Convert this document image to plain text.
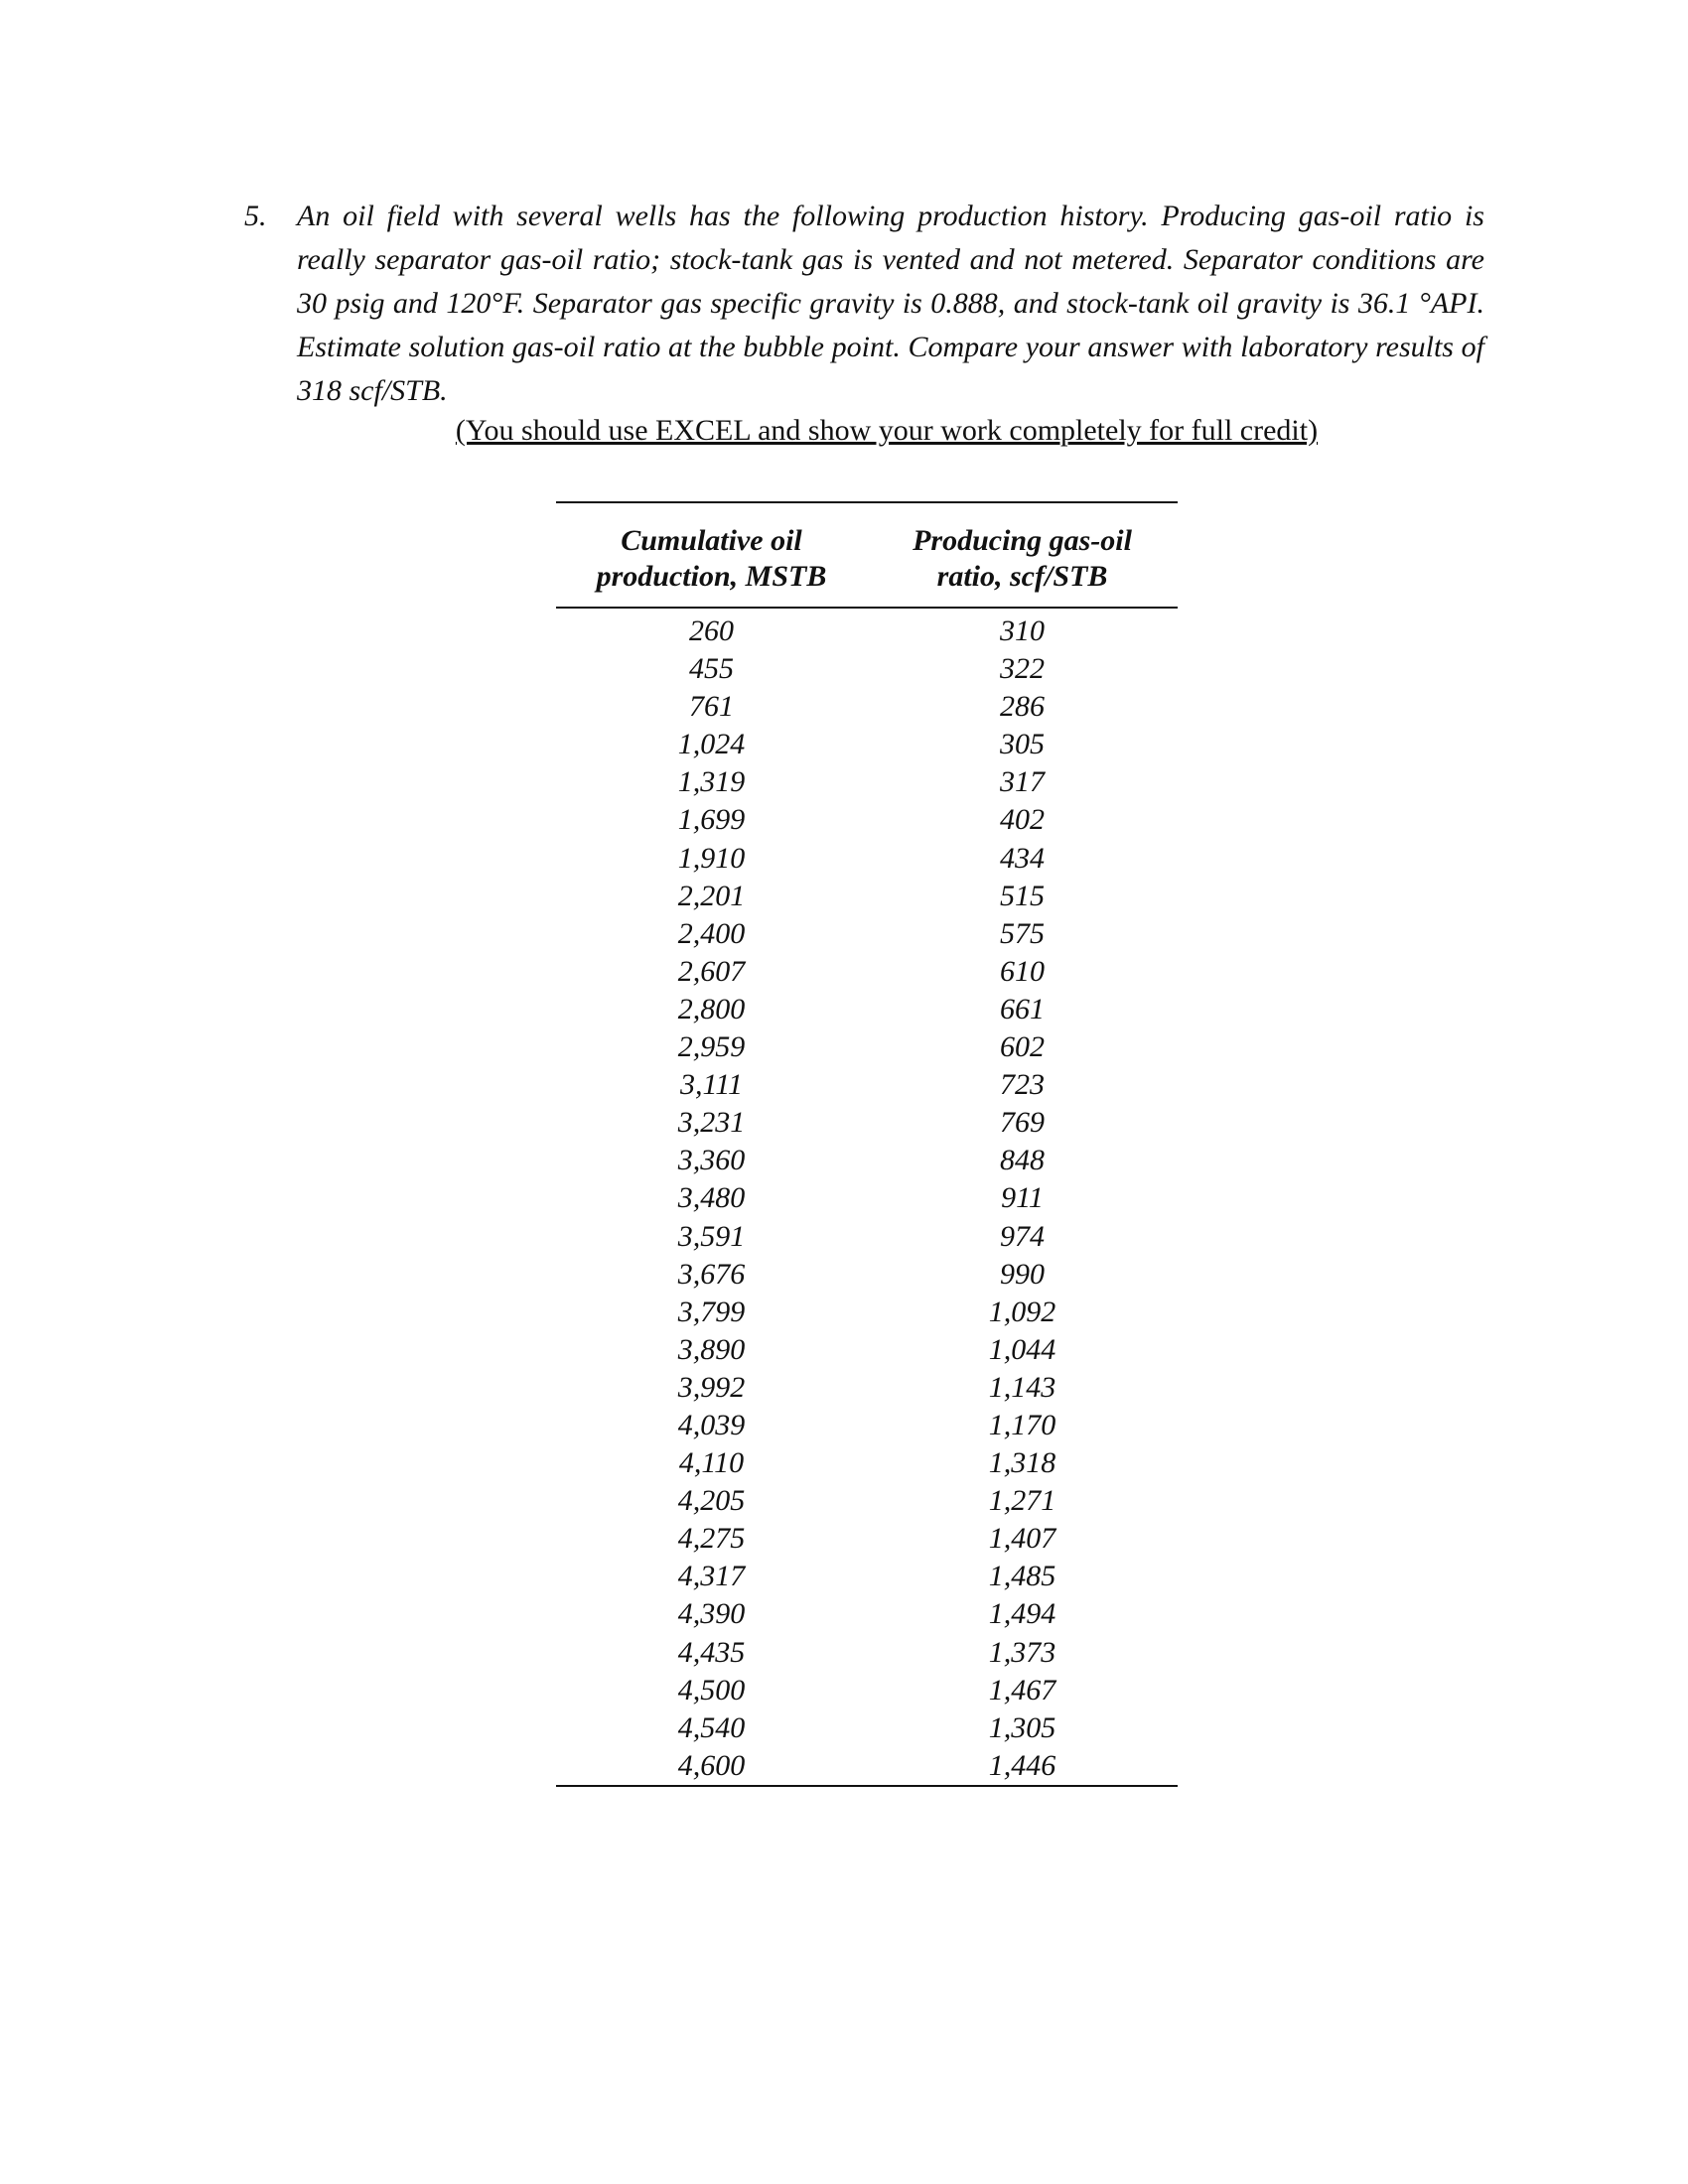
5. An oil field with several wells has the following production history. Producing gas-oil ratio is really separator gas-oil ratio; stock-tank gas is vented and not metered. Separator conditions are 30 psig and 120°F. Separator gas specific gravity is 0.888, and stock-tank oil gravity is 36.1 °API. Estimate solution gas-oil ratio at the bubble point. Compare your answer with laboratory results of 318 scf/STB.

(You should use EXCEL and show your work completely for full credit)
Cumulative oil
production, MSTB	Producing gas-oil
ratio, scf/STB
260	310
455	322
761	286
1,024	305
1,319	317
1,699	402
1,910	434
2,201	515
2,400	575
2,607	610
2,800	661
2,959	602
3,111	723
3,231	769
3,360	848
3,480	911
3,591	974
3,676	990
3,799	1,092
3,890	1,044
3,992	1,143
4,039	1,170
4,110	1,318
4,205	1,271
4,275	1,407
4,317	1,485
4,390	1,494
4,435	1,373
4,500	1,467
4,540	1,305
4,600	1,446
